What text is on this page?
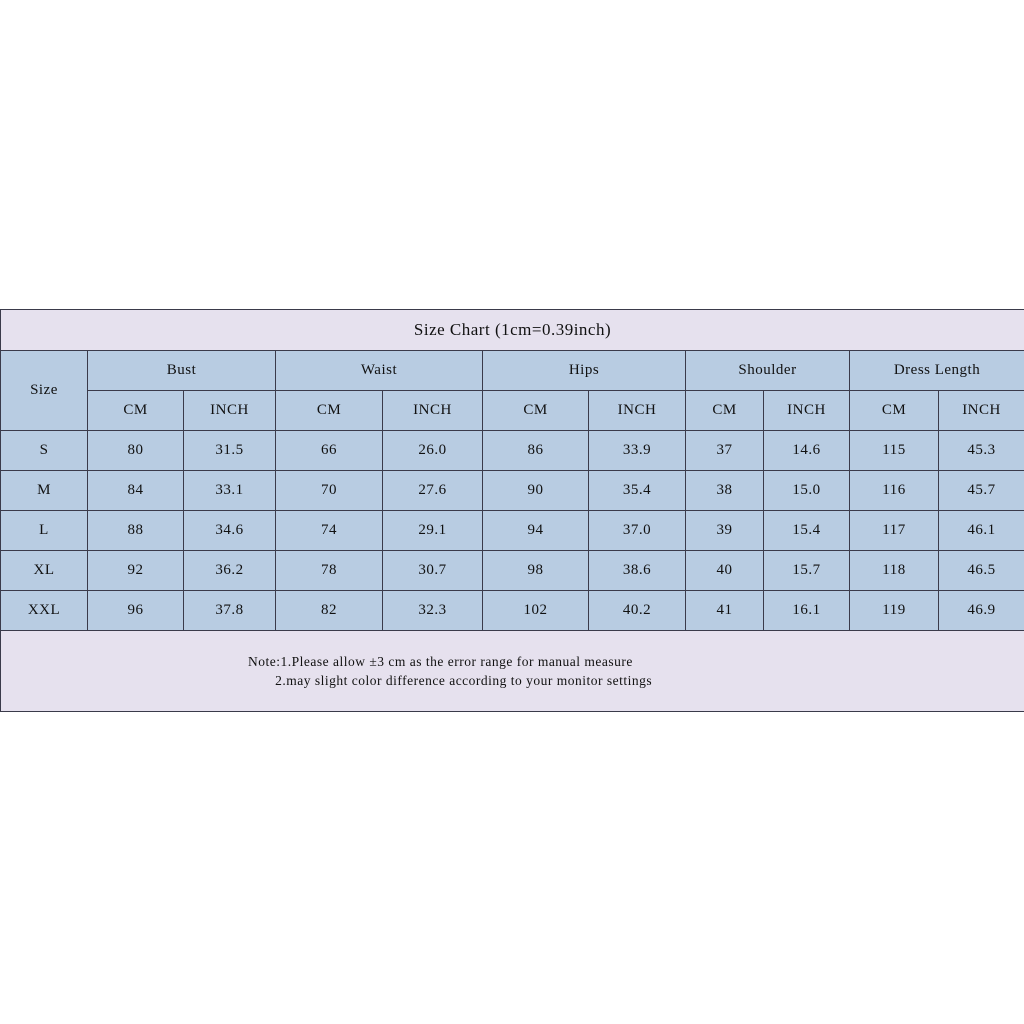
Size Chart (1cm=0.39inch)										
Size	Bust		Waist		Hips		Shoulder		Dress Length	
	CM	INCH	CM	INCH	CM	INCH	CM	INCH	CM	INCH
S	80	31.5	66	26.0	86	33.9	37	14.6	115	45.3
M	84	33.1	70	27.6	90	35.4	38	15.0	116	45.7
L	88	34.6	74	29.1	94	37.0	39	15.4	117	46.1
XL	92	36.2	78	30.7	98	38.6	40	15.7	118	46.5
XXL	96	37.8	82	32.3	102	40.2	41	16.1	119	46.9

Note:1.Please allow ±3 cm as the error range for manual measure
2.may slight color difference according to your monitor settings										
